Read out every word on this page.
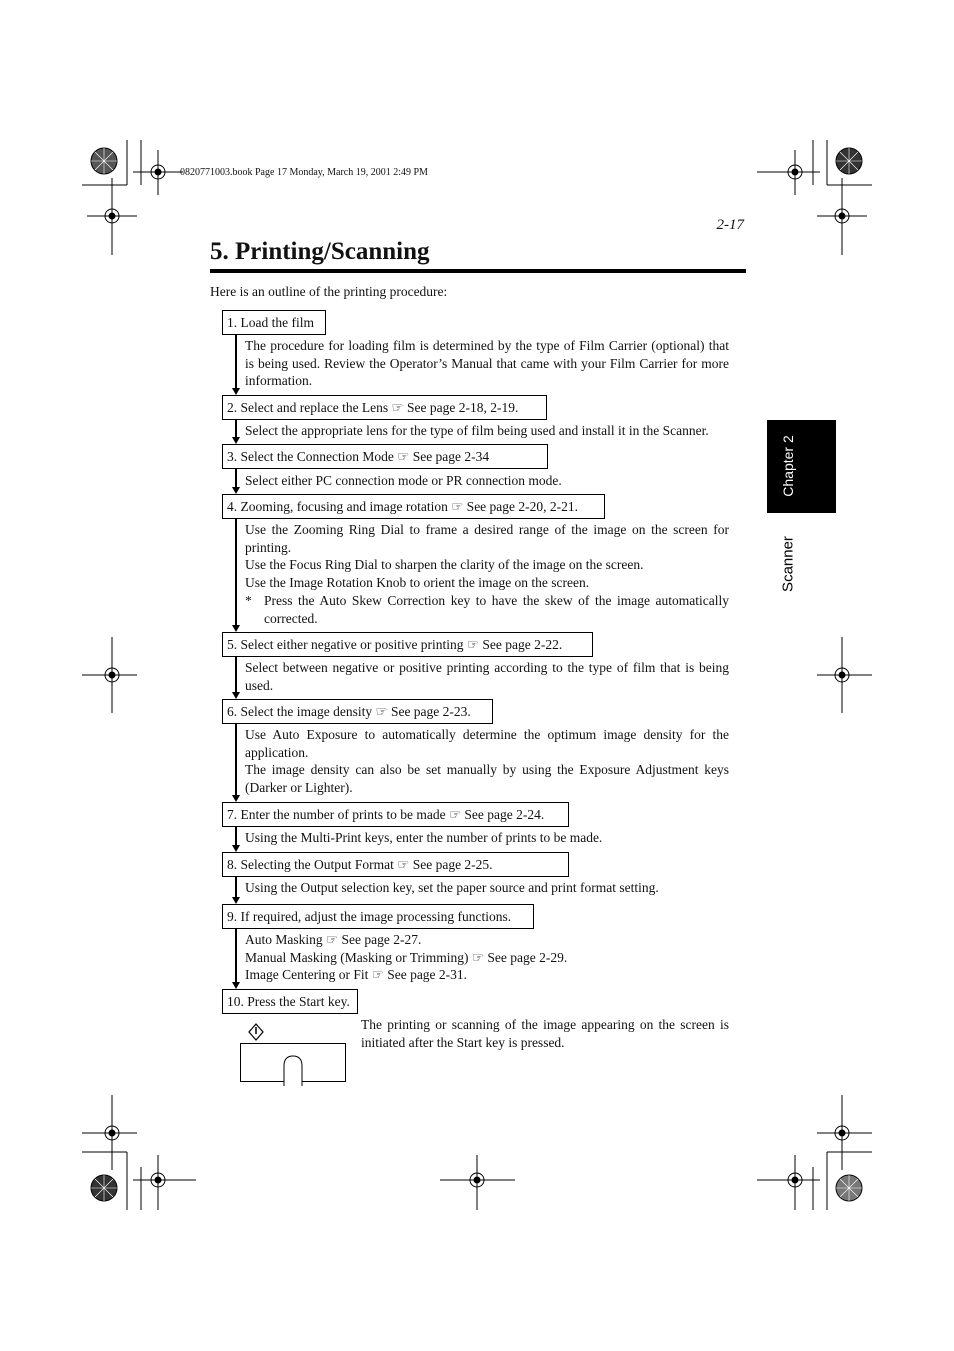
0820771003.book Page 17 Monday, March 19, 2001 2:49 PM
2-17
5. Printing/Scanning
Here is an outline of the printing procedure:
Chapter 2
Scanner
1. Load the film

The procedure for loading film is determined by the type of Film Carrier (optional) that is being used. Review the Operator’s Manual that came with your Film Carrier for more information.

2. Select and replace the Lens ☞ See page 2-18, 2-19.

Select the appropriate lens for the type of film being used and install it in the Scanner.

3. Select the Connection Mode ☞ See page 2-34

Select either PC connection mode or PR connection mode.

4. Zooming, focusing and image rotation ☞ See page 2-20, 2-21.

Use the Zooming Ring Dial to frame a desired range of the image on the screen for printing.

Use the Focus Ring Dial to sharpen the clarity of the image on the screen.

Use the Image Rotation Knob to orient the image on the screen.

* Press the Auto Skew Correction key to have the skew of the image automatically corrected.
5. Select either negative or positive printing ☞ See page 2-22.

Select between negative or positive printing according to the type of film that is being used.

6. Select the image density ☞ See page 2-23.

Use Auto Exposure to automatically determine the optimum image density for the application.

The image density can also be set manually by using the Exposure Adjustment keys (Darker or Lighter).

7. Enter the number of prints to be made ☞ See page 2-24.

Using the Multi-Print keys, enter the number of prints to be made.

8. Selecting the Output Format ☞ See page 2-25.

Using the Output selection key, set the paper source and print format setting.

9. If required, adjust the image processing functions.

Auto Masking ☞ See page 2-27.

Manual Masking (Masking or Trimming) ☞ See page 2-29.

Image Centering or Fit ☞ See page 2-31.

10. Press the Start key.

The printing or scanning of the image appearing on the screen is initiated after the Start key is pressed.
